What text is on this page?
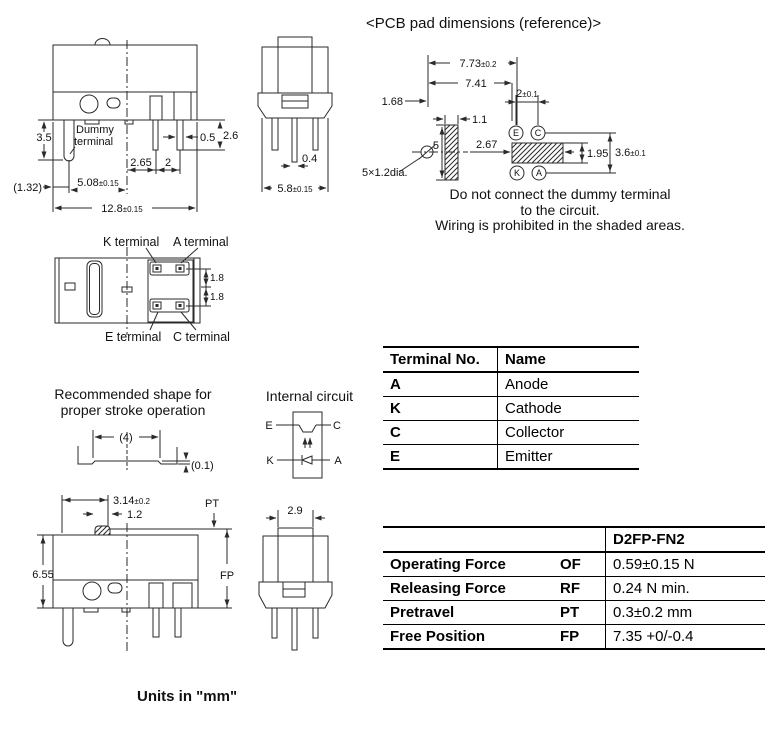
3.5
Dummy
terminal	0.5 2.6
2.65 2
5.08±0.15
12.8±0.15
(1.32)
0.4
5.8±0.15
<PCB pad dimensions (reference)>
7.73±0.2
7.41
1.68
2±0.1
1.1
5	2.67
1.95 3.6±0.1
5×1.2dia.
E C
K A
Do not connect the dummy terminal
to the circuit.
Wiring is prohibited in the shaded areas.
K terminal A terminal
E terminal C terminal
1.8
1.8
Terminal No.	Name
A	Anode
K	Cathode
C	Collector
E	Emitter
Recommended shape for
proper stroke operation
(4)
(0.1)
Internal circuit
E	C
K	A
3.14±0.2
1.2
PT
FP
6.55
2.9
		D2FP-FN2
Operating Force	OF	0.59±0.15 N
Releasing Force	RF	0.24 N min.
Pretravel	PT	0.3±0.2 mm
Free Position	FP	7.35 +0/-0.4
Units in "mm"
